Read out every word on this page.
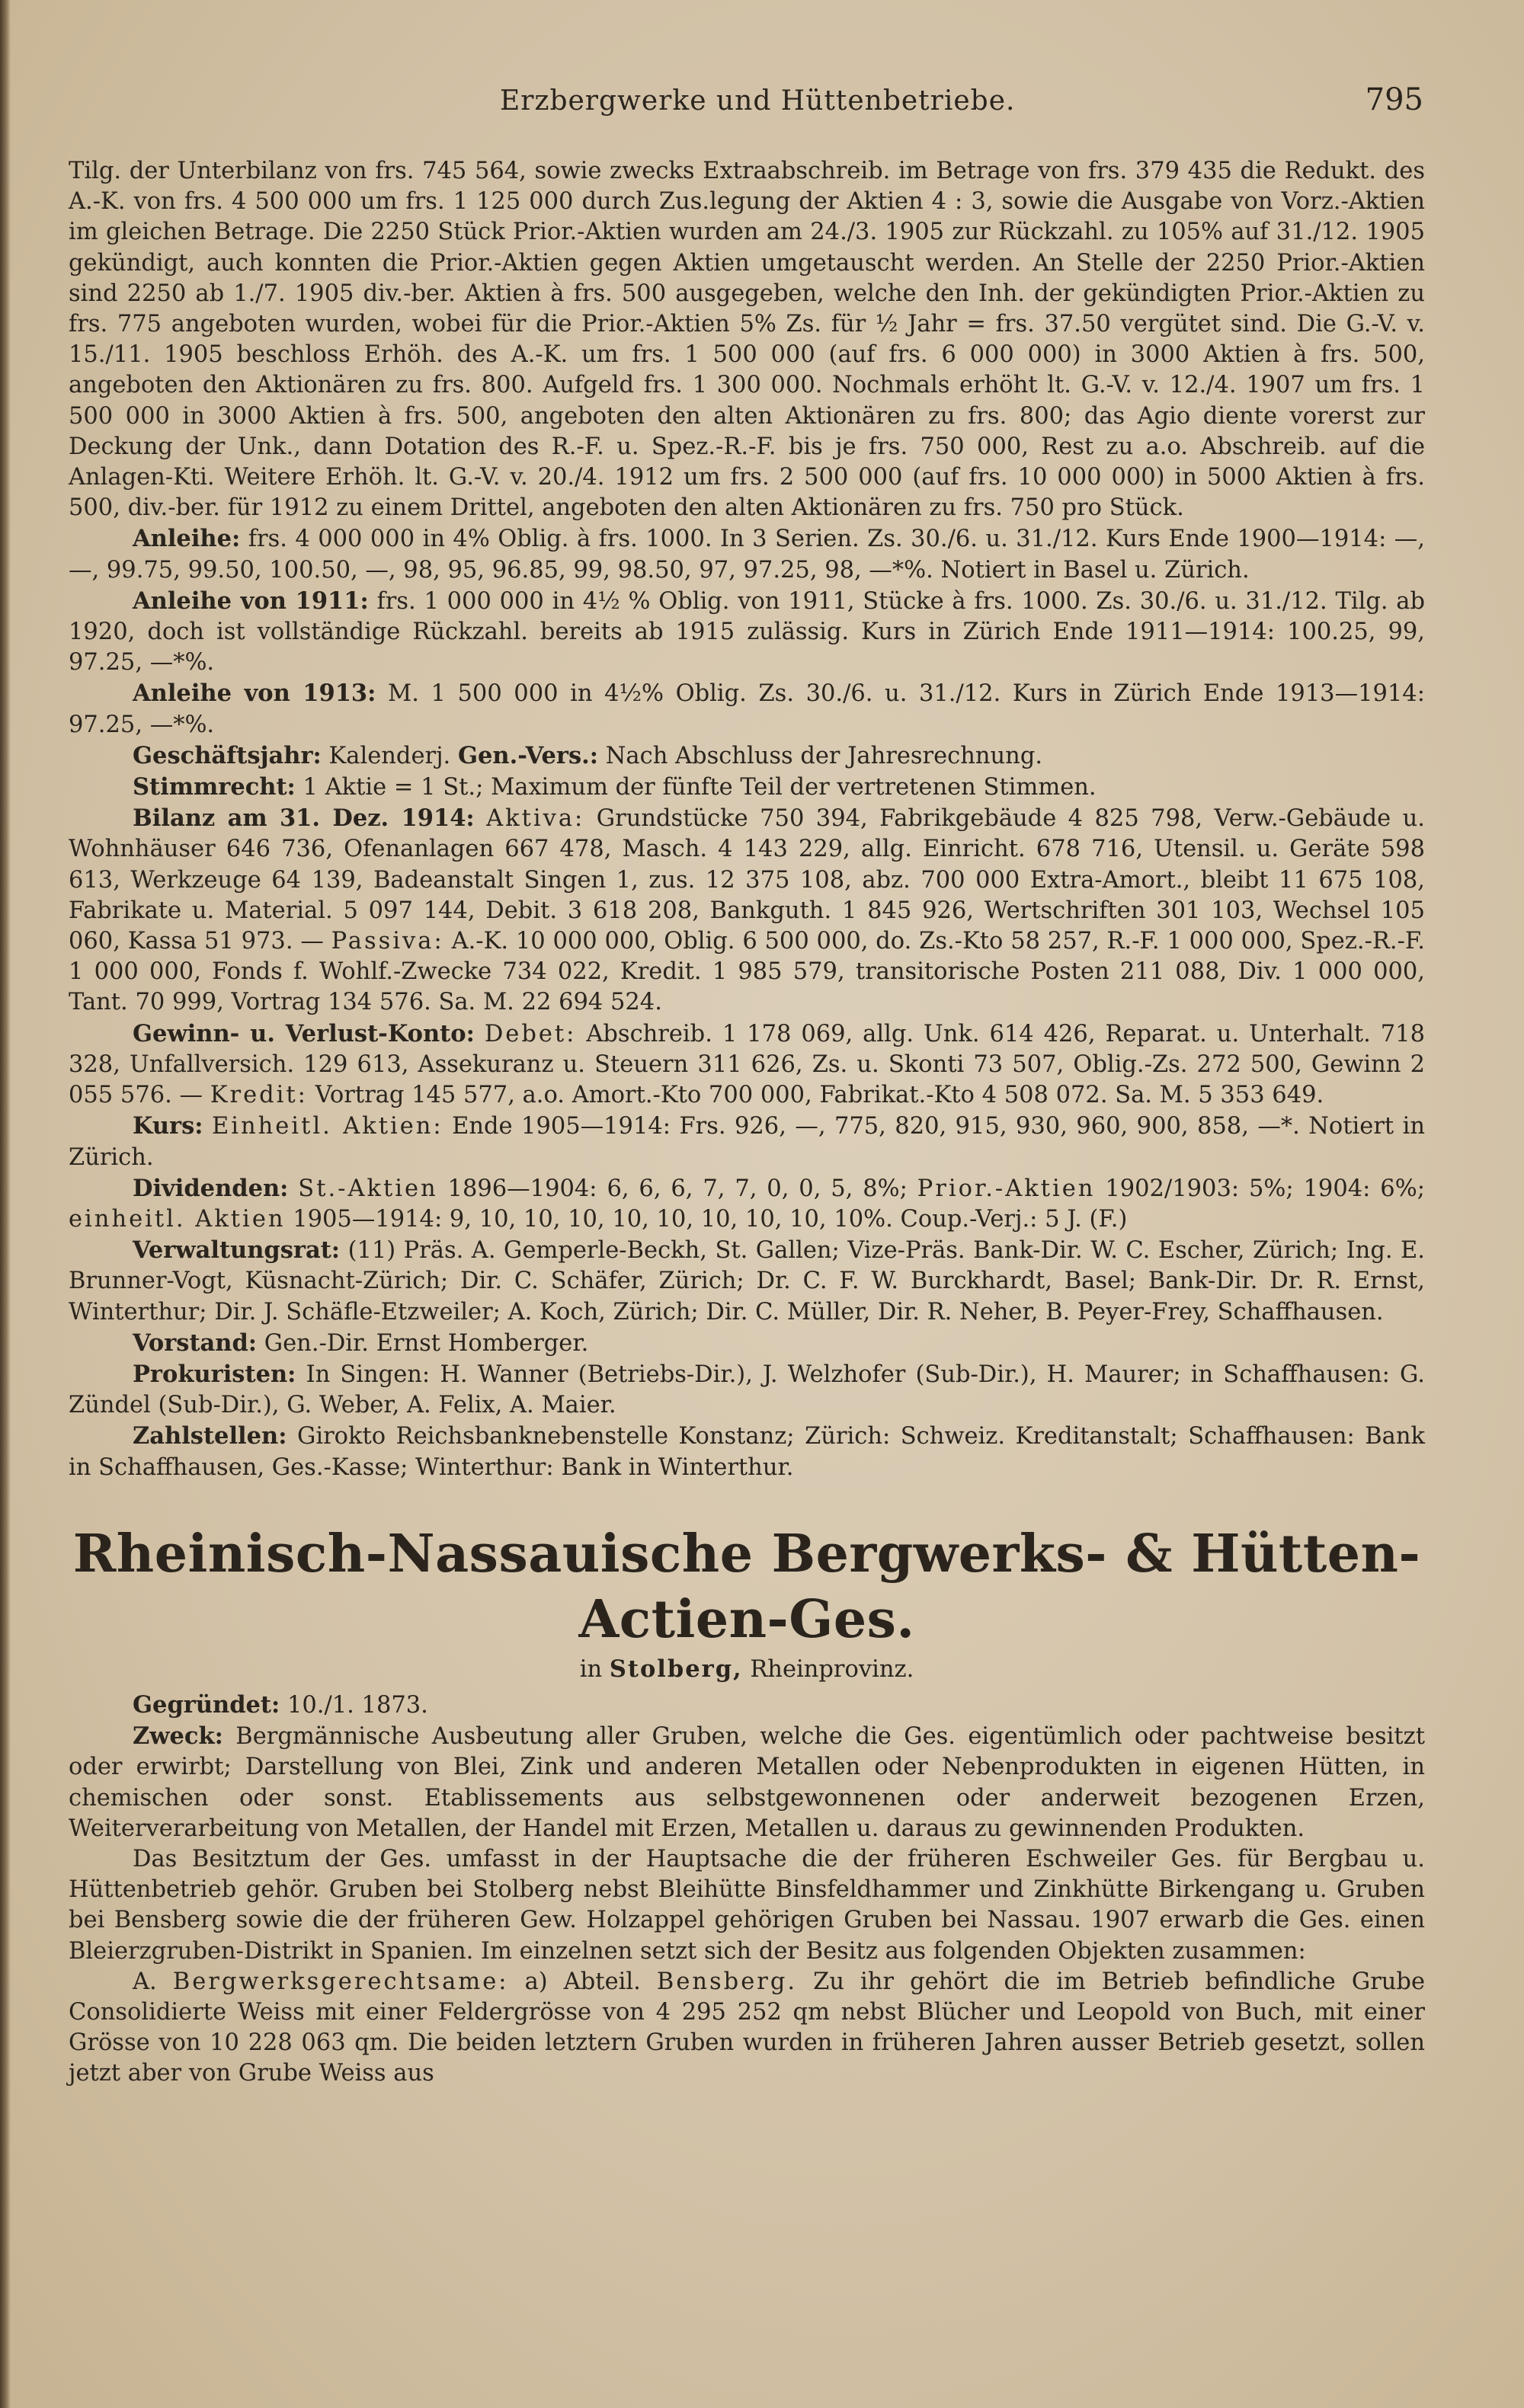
Erzbergwerke und Hüttenbetriebe.	795

Tilg. der Unterbilanz von frs. 745 564, sowie zwecks Extraabschreib. im Betrage von frs. 379 435 die Redukt. des A.-K. von frs. 4 500 000 um frs. 1 125 000 durch Zus.legung der Aktien 4 : 3, sowie die Ausgabe von Vorz.-Aktien im gleichen Betrage. Die 2250 Stück Prior.-Aktien wurden am 24./3. 1905 zur Rückzahl. zu 105% auf 31./12. 1905 gekündigt, auch konnten die Prior.-Aktien gegen Aktien umgetauscht werden. An Stelle der 2250 Prior.-Aktien sind 2250 ab 1./7. 1905 div.-ber. Aktien à frs. 500 ausgegeben, welche den Inh. der gekündigten Prior.-Aktien zu frs. 775 angeboten wurden, wobei für die Prior.-Aktien 5% Zs. für ½ Jahr = frs. 37.50 vergütet sind. Die G.-V. v. 15./11. 1905 beschloss Erhöh. des A.-K. um frs. 1 500 000 (auf frs. 6 000 000) in 3000 Aktien à frs. 500, angeboten den Aktionären zu frs. 800. Aufgeld frs. 1 300 000. Nochmals erhöht lt. G.-V. v. 12./4. 1907 um frs. 1 500 000 in 3000 Aktien à frs. 500, angeboten den alten Aktionären zu frs. 800; das Agio diente vorerst zur Deckung der Unk., dann Dotation des R.-F. u. Spez.-R.-F. bis je frs. 750 000, Rest zu a.o. Abschreib. auf die Anlagen-Kti. Weitere Erhöh. lt. G.-V. v. 20./4. 1912 um frs. 2 500 000 (auf frs. 10 000 000) in 5000 Aktien à frs. 500, div.-ber. für 1912 zu einem Drittel, angeboten den alten Aktionären zu frs. 750 pro Stück.

Anleihe: frs. 4 000 000 in 4% Oblig. à frs. 1000. In 3 Serien. Zs. 30./6. u. 31./12. Kurs Ende 1900—1914: —, —, 99.75, 99.50, 100.50, —, 98, 95, 96.85, 99, 98.50, 97, 97.25, 98, —*%. Notiert in Basel u. Zürich.

Anleihe von 1911: frs. 1 000 000 in 4½ % Oblig. von 1911, Stücke à frs. 1000. Zs. 30./6. u. 31./12. Tilg. ab 1920, doch ist vollständige Rückzahl. bereits ab 1915 zulässig. Kurs in Zürich Ende 1911—1914: 100.25, 99, 97.25, —*%.

Anleihe von 1913: M. 1 500 000 in 4½% Oblig. Zs. 30./6. u. 31./12. Kurs in Zürich Ende 1913—1914: 97.25, —*%.

Geschäftsjahr: Kalenderj. Gen.-Vers.: Nach Abschluss der Jahresrechnung.

Stimmrecht: 1 Aktie = 1 St.; Maximum der fünfte Teil der vertretenen Stimmen.

Bilanz am 31. Dez. 1914: Aktiva: Grundstücke 750 394, Fabrikgebäude 4 825 798, Verw.-Gebäude u. Wohnhäuser 646 736, Ofenanlagen 667 478, Masch. 4 143 229, allg. Einricht. 678 716, Utensil. u. Geräte 598 613, Werkzeuge 64 139, Badeanstalt Singen 1, zus. 12 375 108, abz. 700 000 Extra-Amort., bleibt 11 675 108, Fabrikate u. Material. 5 097 144, Debit. 3 618 208, Bankguth. 1 845 926, Wertschriften 301 103, Wechsel 105 060, Kassa 51 973. — Passiva: A.-K. 10 000 000, Oblig. 6 500 000, do. Zs.-Kto 58 257, R.-F. 1 000 000, Spez.-R.-F. 1 000 000, Fonds f. Wohlf.-Zwecke 734 022, Kredit. 1 985 579, transitorische Posten 211 088, Div. 1 000 000, Tant. 70 999, Vortrag 134 576. Sa. M. 22 694 524.

Gewinn- u. Verlust-Konto: Debet: Abschreib. 1 178 069, allg. Unk. 614 426, Reparat. u. Unterhalt. 718 328, Unfallversich. 129 613, Assekuranz u. Steuern 311 626, Zs. u. Skonti 73 507, Oblig.-Zs. 272 500, Gewinn 2 055 576. — Kredit: Vortrag 145 577, a.o. Amort.-Kto 700 000, Fabrikat.-Kto 4 508 072. Sa. M. 5 353 649.

Kurs: Einheitl. Aktien: Ende 1905—1914: Frs. 926, —, 775, 820, 915, 930, 960, 900, 858, —*. Notiert in Zürich.

Dividenden: St.-Aktien 1896—1904: 6, 6, 6, 7, 7, 0, 0, 5, 8%; Prior.-Aktien 1902/1903: 5%; 1904: 6%; einheitl. Aktien 1905—1914: 9, 10, 10, 10, 10, 10, 10, 10, 10, 10%. Coup.-Verj.: 5 J. (F.)

Verwaltungsrat: (11) Präs. A. Gemperle-Beckh, St. Gallen; Vize-Präs. Bank-Dir. W. C. Escher, Zürich; Ing. E. Brunner-Vogt, Küsnacht-Zürich; Dir. C. Schäfer, Zürich; Dr. C. F. W. Burckhardt, Basel; Bank-Dir. Dr. R. Ernst, Winterthur; Dir. J. Schäfle-Etzweiler; A. Koch, Zürich; Dir. C. Müller, Dir. R. Neher, B. Peyer-Frey, Schaffhausen.

Vorstand: Gen.-Dir. Ernst Homberger.

Prokuristen: In Singen: H. Wanner (Betriebs-Dir.), J. Welzhofer (Sub-Dir.), H. Maurer; in Schaffhausen: G. Zündel (Sub-Dir.), G. Weber, A. Felix, A. Maier.

Zahlstellen: Girokto Reichsbanknebenstelle Konstanz; Zürich: Schweiz. Kreditanstalt; Schaffhausen: Bank in Schaffhausen, Ges.-Kasse; Winterthur: Bank in Winterthur.

Rheinisch-Nassauische Bergwerks- & Hütten-Actien-Ges.
in Stolberg, Rheinprovinz.

Gegründet: 10./1. 1873.

Zweck: Bergmännische Ausbeutung aller Gruben, welche die Ges. eigentümlich oder pachtweise besitzt oder erwirbt; Darstellung von Blei, Zink und anderen Metallen oder Nebenprodukten in eigenen Hütten, in chemischen oder sonst. Etablissements aus selbstgewonnenen oder anderweit bezogenen Erzen, Weiterverarbeitung von Metallen, der Handel mit Erzen, Metallen u. daraus zu gewinnenden Produkten.

Das Besitztum der Ges. umfasst in der Hauptsache die der früheren Eschweiler Ges. für Bergbau u. Hüttenbetrieb gehör. Gruben bei Stolberg nebst Bleihütte Binsfeldhammer und Zinkhütte Birkengang u. Gruben bei Bensberg sowie die der früheren Gew. Holzappel gehörigen Gruben bei Nassau. 1907 erwarb die Ges. einen Bleierzgruben-Distrikt in Spanien. Im einzelnen setzt sich der Besitz aus folgenden Objekten zusammen:

A. Bergwerksgerechtsame: a) Abteil. Bensberg. Zu ihr gehört die im Betrieb befindliche Grube Consolidierte Weiss mit einer Feldergrösse von 4 295 252 qm nebst Blücher und Leopold von Buch, mit einer Grösse von 10 228 063 qm. Die beiden letztern Gruben wurden in früheren Jahren ausser Betrieb gesetzt, sollen jetzt aber von Grube Weiss aus
